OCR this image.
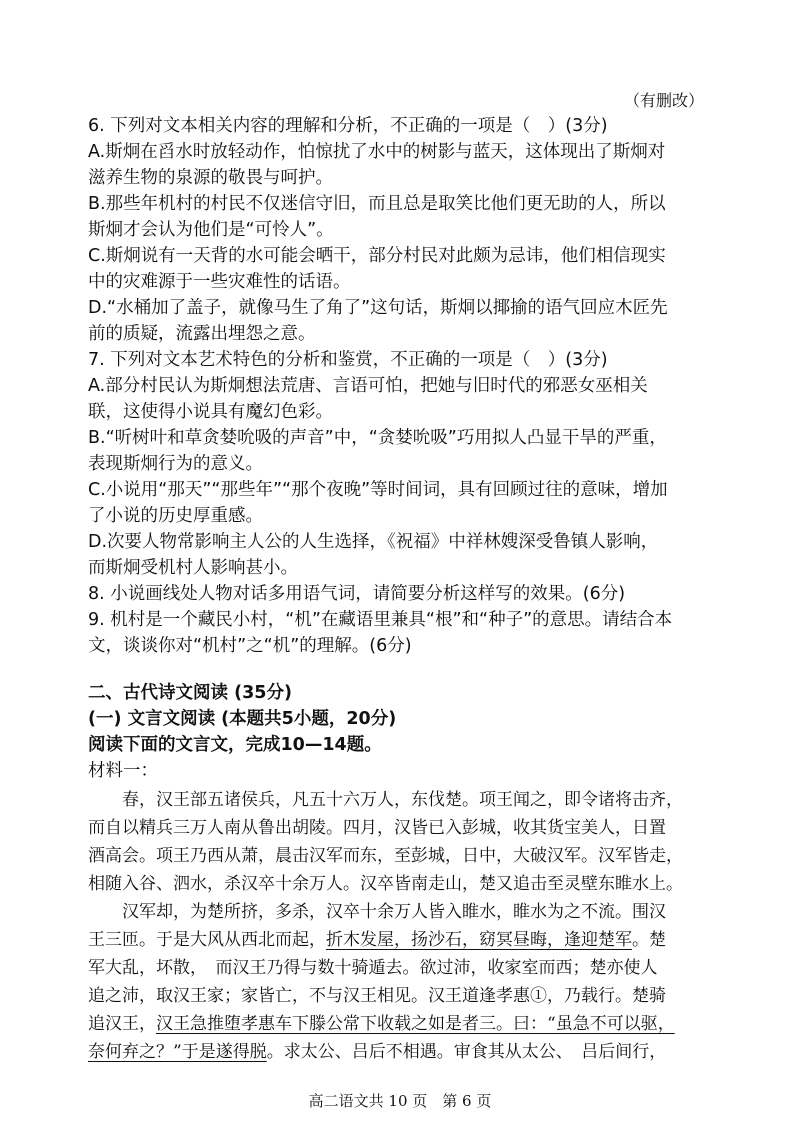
（有删改）
6. 下列对文本相关内容的理解和分析，不正确的一项是（　）(3分)
A.斯炯在舀水时放轻动作，怕惊扰了水中的树影与蓝天，这体现出了斯炯对
滋养生物的泉源的敬畏与呵护。
B.那些年机村的村民不仅迷信守旧，而且总是取笑比他们更无助的人，所以
斯炯才会认为他们是“可怜人”。
C.斯炯说有一天背的水可能会晒干，部分村民对此颇为忌讳，他们相信现实
中的灾难源于一些灾难性的话语。
D.“水桶加了盖子，就像马生了角了”这句话，斯炯以揶揄的语气回应木匠先
前的质疑，流露出埋怨之意。
7. 下列对文本艺术特色的分析和鉴赏，不正确的一项是（　）(3分)
A.部分村民认为斯炯想法荒唐、言语可怕，把她与旧时代的邪恶女巫相关
联，这使得小说具有魔幻色彩。
B.“听树叶和草贪婪吮吸的声音”中，“贪婪吮吸”巧用拟人凸显干旱的严重，
表现斯炯行为的意义。
C.小说用“那天”“那些年”“那个夜晚”等时间词，具有回顾过往的意味，增加
了小说的历史厚重感。
D.次要人物常影响主人公的人生选择，《祝福》中祥林嫂深受鲁镇人影响，
而斯炯受机村人影响甚小。
8. 小说画线处人物对话多用语气词，请简要分析这样写的效果。(6分)
9. 机村是一个藏民小村，“机”在藏语里兼具“根”和“种子”的意思。请结合本
文，谈谈你对“机村”之“机”的理解。(6分)
二、古代诗文阅读 (35分)
(一) 文言文阅读 (本题共5小题，20分)
阅读下面的文言文，完成10—14题。
材料一：
　　春，汉王部五诸侯兵，凡五十六万人，东伐楚。项王闻之，即令诸将击齐，
而自以精兵三万人南从鲁出胡陵。四月，汉皆已入彭城，收其货宝美人，日置
酒高会。项王乃西从萧，晨击汉军而东，至彭城，日中，大破汉军。汉军皆走，
相随入谷、泗水，杀汉卒十余万人。汉卒皆南走山，楚又追击至灵壁东睢水上。
　　汉军却，为楚所挤，多杀，汉卒十余万人皆入睢水，睢水为之不流。围汉
王三匝。于是大风从西北而起，折木发屋，扬沙石，窈冥昼晦，逢迎楚军。楚
军大乱，坏散，　而汉王乃得与数十骑遁去。欲过沛，收家室而西；楚亦使人
追之沛，取汉王家；家皆亡，不与汉王相见。汉王道逢孝惠①，乃载行。楚骑
追汉王，汉王急推堕孝惠车下滕公常下收载之如是者三。曰：“虽急不可以驱，
奈何弃之？”于是遂得脱。求太公、吕后不相遇。审食其从太公、　吕后间行，
高二语文共 10 页　第 6 页
